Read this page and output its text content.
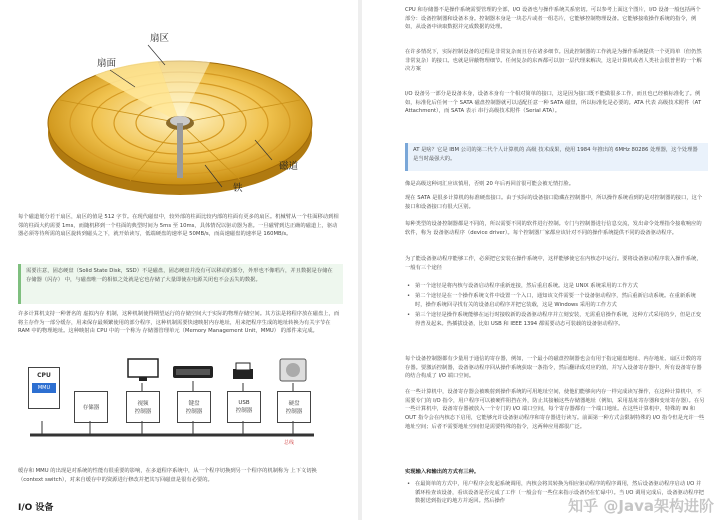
扇区
扇面
磁道
铁

每个磁道划分若干扇区，扇区的值是 512 字节。在现代磁盘中，较外部的柱面比较内部的柱面有更多的扇区。机械臂从一个柱面移动到相邻的柱面大约需要 1ms，而随机移到一个柱面的典型时间为 5ms 至 10ms，具体情况以驱动器为准。一旦磁臂到达正确的磁道上，驱动器必须等待所需的扇区旋转到磁头之下，就开始读写，低端硬盘的速率是 50MB/s，而高速磁盘的速率是 160MB/s。

需要注意，固态硬盘（Solid State Disk，SSD）不是磁盘，固态硬盘并没有可以移动的部分，外形也不像唱片，并且数据是存储在 存储器（闪存） 中，与磁盘唯一的相似之处就是它也存储了大量即使在电源关闭也不会丢失的数据。

许多计算机支持一种著名的 虚拟内存 机制，这种机制使得期望运行的存储空间大于实际的物理存储空间。其方法是将程序放在磁盘上，而将主存作为一部分缓存，用来保存最频繁使用的部分程序，这种机制需要快速映射内存地址，用来把程序生成的地址转换为有关字节在 RAM 中的物理地址。这种映射由 CPU 中的一个称为 存储器管理单元（Memory Management Unit，MMU） 的部件来完成。

CPU
MMU
存储器
视频
控制器
键盘
控制器
USB
控制器
硬盘
控制器
总线

缓存和 MMU 的出现是对系统的性能有很重要的影响，在多道程序系统中，从一个程序切换到另一个程序的机制称为 上下文切换（context switch），对来自缓存中的资源进行修改并把其写回磁盘是很有必要的。

I/O 设备

CPU 和存储器不是操作系统需要管理的全部，I/O 设备也与操作系统关系密切。可以参考上面这个图片，I/O 设备一般包括两个部分：设备控制器和设备本身。控制器本身是一块芯片或者一组芯片，它能够控制物理设备。它能够接收操作系统的指令，例如，从设备中读取数据并完成数据的处理。

在许多情况下，实际控制设备的过程是非常复杂而且存在诸多细节。因此控制器的工作就是为操作系统提供一个更简单（但仍然非常复杂）的接口。也就是屏蔽物理细节。任何复杂的东西都可以加一层代理来解决，这是计算机或者人类社会很普世的一个解决方案

I/O 设备另一部分是设备本身，设备本身有一个相对简单的接口，这是因为接口既不能做很多工作，而且也已经被标准化了。例如，标准化后任何一个 SATA 磁盘控制器就可以适配任意一种 SATA 磁盘，所以标准化是必要的。ATA 代表 高级技术附件（AT Attachment），而 SATA 表示 串行高级技术附件（Serial ATA）。

AT 是啥？它是 IBM 公司的第二代个人计算机的 高级 技术成果，使用 1984 年推出的 6MHz 80286 处理器，这个处理器是当时最强大的。

像是高级这种词汇应该慎用，否则 20 年后再回首很可能会被无情打脸。

现在 SATA 是很多计算机的标准硬盘接口。由于实际的设备接口隐藏在控制器中，所以操作系统看到的是对控制器的接口，这个接口和设备接口有很大区别。

每种类型的设备控制器都是不同的，所以需要不同的软件进行控制。专门与控制器进行信息交流，发出命令处理指令接收响应的软件，称为 设备驱动程序（device driver）。每个控制器厂家都应该针对不同的操作系统提供不同的设备驱动程序。

为了能设备驱动程序能够工作，必须把它安装在操作系统中，这样能够使它在内核态中运行。要将设备驱动程序装入操作系统，一般有三个途径

• 第一个途径是将内核与设备启动程序重新连接，然后重启系统。这是 UNIX 系统采用的工作方式
• 第二个途径是在一个操作系统文件中设置一个入口，通知该文件需要一个设备驱动程序，然后重新启动系统。在重新系统时，操作系统回寻找有关的设备启动程序并把它装载，这是 Windows 采用的工作方式
• 第三个途径是操作系统能够在运行时接收新的设备驱动程序并立刻安装，无需重启操作系统，这种方式采用的少，但是正变得普及起来。热插拔设备，比如 USB 和 IEEE 1394 都需要动态可装载的设备驱动程序。

每个设备控制器都有少量用于通信的寄存器，例如，一个最小的磁盘控制器也会有用于指定磁盘地址、内存地址、扇区计数的寄存器。要激活控制器，设备驱动程序回从操作系统获取一条指令，然后翻译成对应的值，并写入设备寄存器中，所有设备寄存器的结合构成了 I/O 端口空间。

在一些计算机中，设备寄存器会被映射到操作系统的可用地址空间，使他们能够向内存一样完成读写操作，在这种计算机中，不需要专门的 I/O 指令，用户程序可以被硬件阻挡在外，防止其接触这些存储器地址（例如，采用基址寄存器和变址寄存器）。在另一些计算机中，设备寄存器被放入一个专门的 I/O 端口空间，每个寄存器都有一个端口地址。在这些计算机中，特殊的 IN 和 OUT 指令会在内核态下启用，它能够允许设备驱动程序和寄存器进行读写。前面第一种方式会限制特殊的 I/O 指令但是允许一些地址空间；后者不需要地址空间但是需要特殊的指令，这两种应用都很广泛。

实现输入和输出的方式有三种。

• 在最简单的方式中，用户程序会发起系统调用，内核会将其转换为相应驱动程序的程序调用，然后设备驱动程序启动 I/O 并循环检查该设备，看该设备是否完成了工作（一般会有一些位来指示设备仍在忙碌中）。当 I/O 调用完成后，设备驱动程序把数据送到指定的地方并返回。然后操作	知乎 @Java架构进阶
